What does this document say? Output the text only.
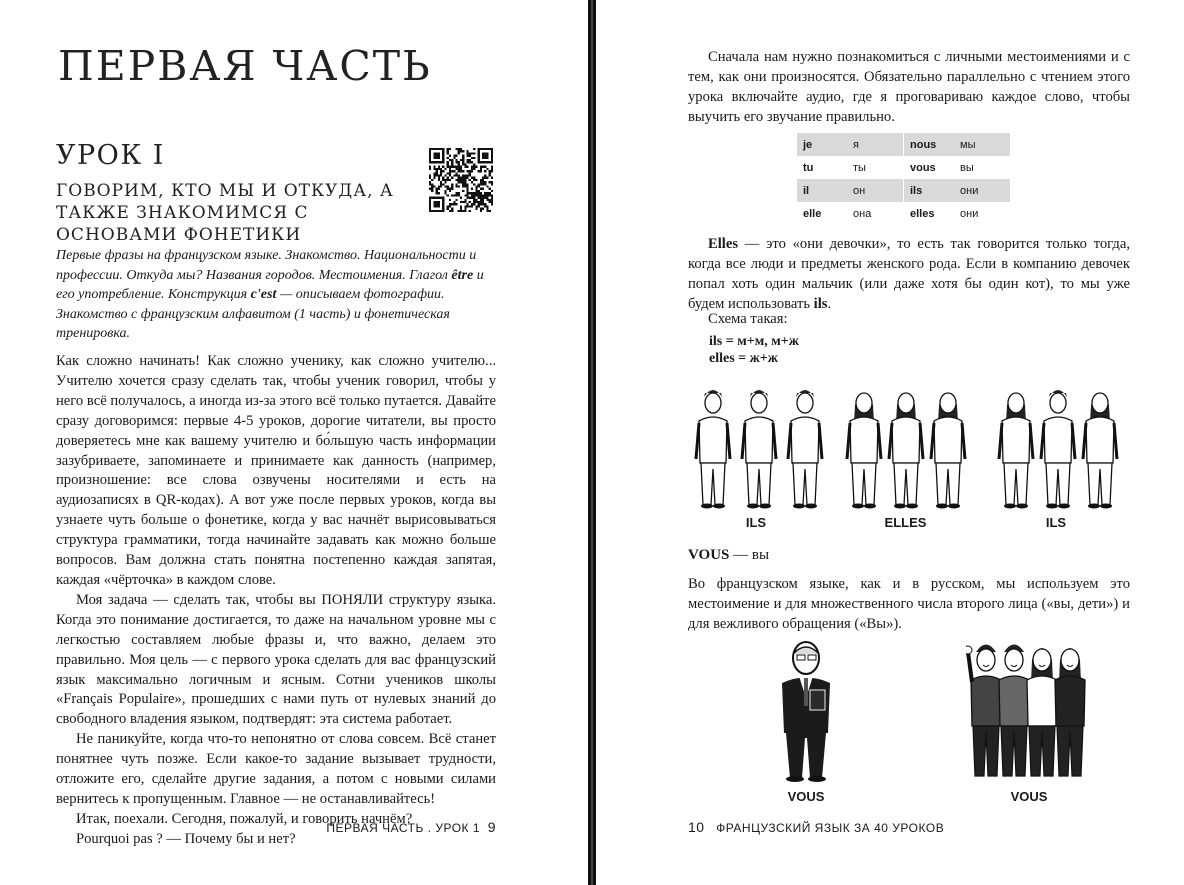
ПЕРВАЯ ЧАСТЬ
УРОК I
ГОВОРИМ, КТО МЫ И ОТКУДА, А ТАКЖЕ ЗНАКОМИМСЯ С ОСНОВАМИ ФОНЕТИКИ

Первые фразы на французском языке. Знакомство. Национальности и профессии. Откуда мы? Названия городов. Местоимения. Глагол être и его употребление. Конструкция c'est — описываем фотографии. Знакомство с французским алфавитом (1 часть) и фонетическая тренировка.

Как сложно начинать! Как сложно ученику, как сложно учителю... Учителю хочется сразу сделать так, чтобы ученик говорил, чтобы у него всё получалось, а иногда из-за этого всё только путается. Давайте сразу договоримся: первые 4-5 уроков, дорогие читатели, вы просто доверяетесь мне как вашему учителю и бо́льшую часть информации зазубриваете, запоминаете и принимаете как данность (например, произношение: все слова озвучены носителями и есть на аудиозаписях в QR-кодах). А вот уже после первых уроков, когда вы узнаете чуть больше о фонетике, когда у вас начнёт вырисовываться структура грамматики, тогда начинайте задавать как можно больше вопросов. Вам должна стать понятна постепенно каждая запятая, каждая «чёрточка» в каждом слове.

Моя задача — сделать так, чтобы вы ПОНЯЛИ структуру языка. Когда это понимание достигается, то даже на начальном уровне мы с легкостью составляем любые фразы и, что важно, делаем это правильно. Моя цель — с первого урока сделать для вас французский язык максимально логичным и ясным. Сотни учеников школы «Français Populaire», прошедших с нами путь от нулевых знаний до свободного владения языком, подтвердят: эта система работает.

Не паникуйте, когда что-то непонятно от слова совсем. Всё станет понятнее чуть позже. Если какое-то задание вызывает трудности, отложите его, сделайте другие задания, а потом с новыми силами вернитесь к пропущенным. Главное — не останавливайтесь!

Итак, поехали. Сегодня, пожалуй, и говорить начнём?

Pourquoi pas ? — Почему бы и нет?

ПЕРВАЯ ЧАСТЬ . УРОК 1 9

Сначала нам нужно познакомиться с личными местоимениями и с тем, как они произносятся. Обязательно параллельно с чтением этого урока включайте аудио, где я проговариваю каждое слово, чтобы выучить его звучание правильно.

je	я	nous	мы
tu	ты	vous	вы
il	он	ils	они
elle	она	elles	они

Elles — это «они девочки», то есть так говорится только тогда, когда все люди и предметы женского рода. Если в компанию девочек попал хоть один мальчик (или даже хотя бы один кот), то мы уже будем использовать ils.

Схема такая:

ils = м+м, м+ж
elles = ж+ж
ILS	ELLES	ILS
VOUS — вы

Во французском языке, как и в русском, мы используем это местоимение и для множественного числа второго лица («вы, дети») и для вежливого обращения («Вы»).

VOUS	VOUS
10 ФРАНЦУЗСКИЙ ЯЗЫК ЗА 40 УРОКОВ
